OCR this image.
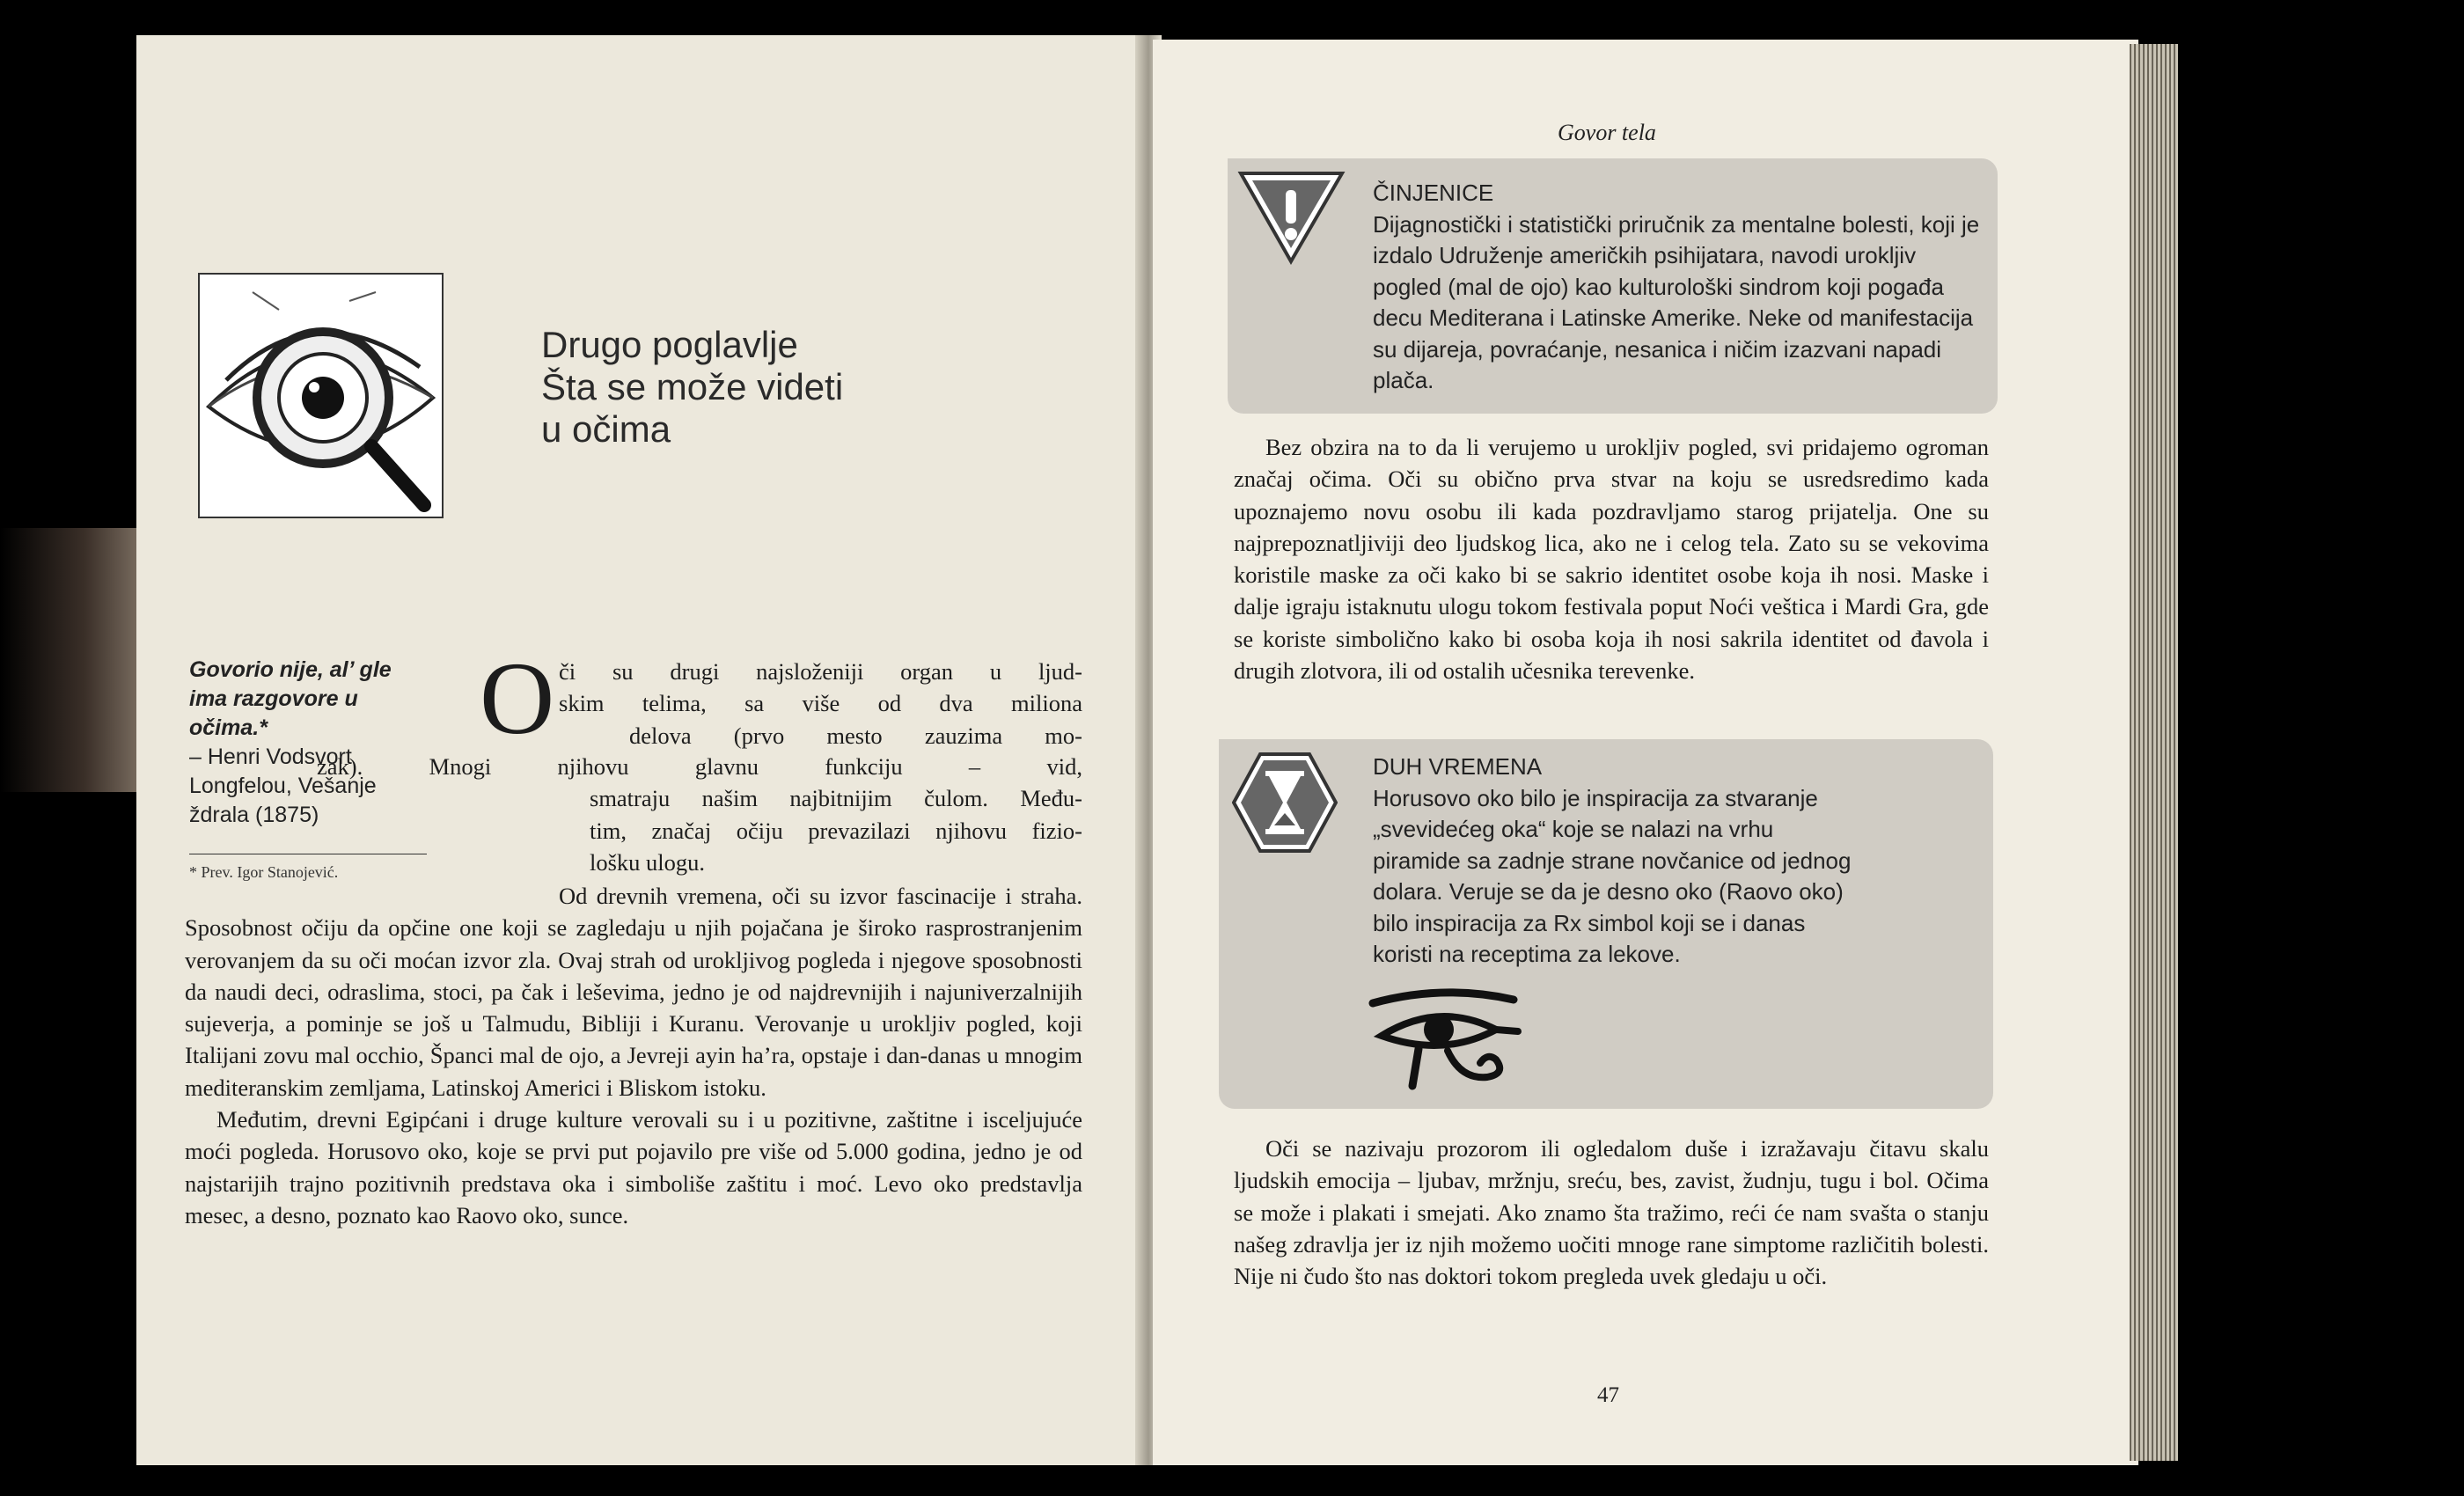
Drugo poglavlje
Šta se može videti
u očima
Govorio nije, al’ gle ima razgovore u očima.*
– Henri Vodsvort Longfelou, Vešanje ždrala (1875)
* Prev. Igor Stanojević.
O či su drugi najsloženiji organ u ljud-
skim telima, sa više od dva miliona
delova (prvo mesto zauzima mo-
zak). Mnogi njihovu glavnu funkciju – vid,
smatraju našim najbitnijim čulom. Među-
tim, značaj očiju prevazilazi njihovu fizio-
lošku ulogu.

Od drevnih vremena, oči su izvor fascinacije i straha. Sposobnost očiju da opčine one koji se zagledaju u njih pojačana je široko rasprostranjenim verovanjem da su oči moćan izvor zla. Ovaj strah od urokljivog pogleda i njegove sposobnosti da naudi deci, odraslima, stoci, pa čak i leševima, jedno je od najdrevnijih i najuniverzalnijih sujeverja, a pominje se još u Talmudu, Bibliji i Kuranu. Verovanje u urokljiv pogled, koji Italijani zovu mal occhio, Španci mal de ojo, a Jevreji ayin ha’ra, opstaje i dan-danas u mnogim mediteranskim zemljama, Latinskoj Americi i Bliskom istoku.

Međutim, drevni Egipćani i druge kulture verovali su i u pozitivne, zaštitne i isceljujuće moći pogleda. Horusovo oko, koje se prvi put pojavilo pre više od 5.000 godina, jedno je od najstarijih trajno pozitivnih predstava oka i simboliše zaštitu i moć. Levo oko predstavlja mesec, a desno, poznato kao Raovo oko, sunce.

Govor tela
ČINJENICE
Dijagnostički i statistički priručnik za mentalne bolesti, koji je izdalo Udruženje američkih psihijatara, navodi urokljiv pogled (mal de ojo) kao kulturološki sindrom koji pogađa decu Mediterana i Latinske Amerike. Neke od manifestacija su dijareja, povraćanje, nesanica i ničim izazvani napadi plača.

Bez obzira na to da li verujemo u urokljiv pogled, svi pridajemo ogroman značaj očima. Oči su obično prva stvar na koju se usredsredimo kada upoznajemo novu osobu ili kada pozdravljamo starog prijatelja. One su najprepoznatljiviji deo ljudskog lica, ako ne i celog tela. Zato su se vekovima koristile maske za oči kako bi se sakrio identitet osobe koja ih nosi. Maske i dalje igraju istaknutu ulogu tokom festivala poput Noći veštica i Mardi Gra, gde se koriste simbolično kako bi osoba koja ih nosi sakrila identitet od đavola i drugih zlotvora, ili od ostalih učesnika terevenke.

DUH VREMENA
Horusovo oko bilo je inspiracija za stvaranje „svevidećeg oka“ koje se nalazi na vrhu piramide sa zadnje strane novčanice od jednog dolara. Veruje se da je desno oko (Raovo oko) bilo inspiracija za Rx simbol koji se i danas koristi na receptima za lekove.

Oči se nazivaju prozorom ili ogledalom duše i izražavaju čitavu skalu ljudskih emocija – ljubav, mržnju, sreću, bes, zavist, žudnju, tugu i bol. Očima se može i plakati i smejati. Ako znamo šta tražimo, reći će nam svašta o stanju našeg zdravlja jer iz njih možemo uočiti mnoge rane simptome različitih bolesti. Nije ni čudo što nas doktori tokom pregleda uvek gledaju u oči.

47
